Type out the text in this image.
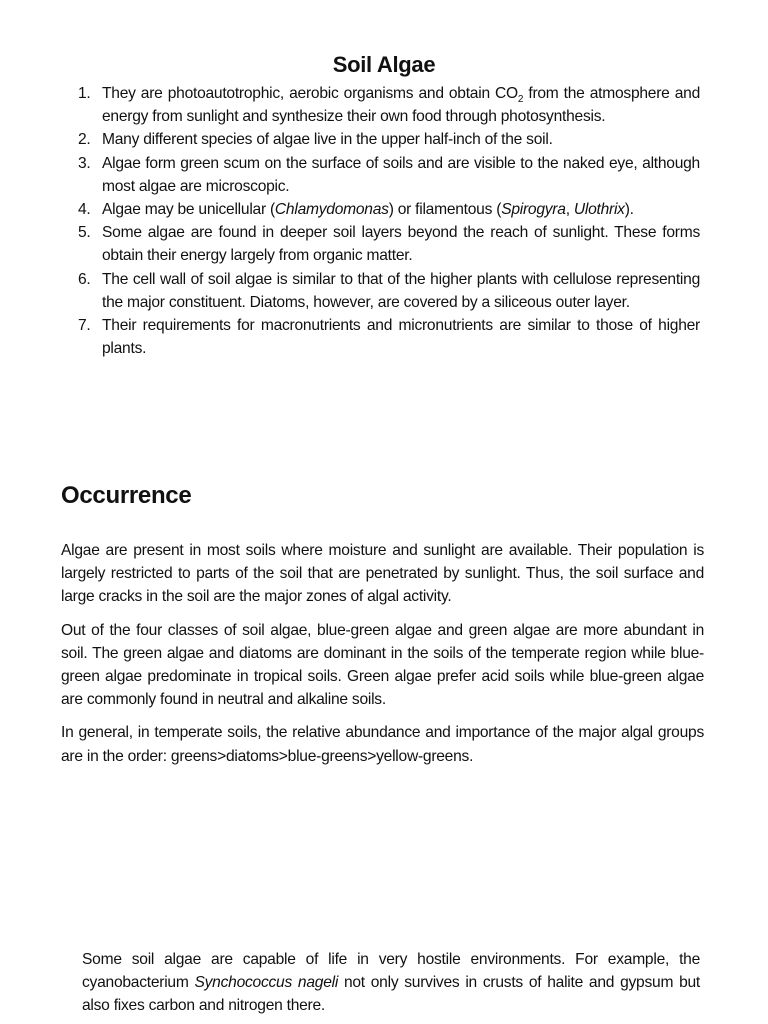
Soil Algae
1. They are photoautotrophic, aerobic organisms and obtain $CO_2$ from the atmosphere and energy from sunlight and synthesize their own food through photosynthesis.
2. Many different species of algae live in the upper half-inch of the soil.
3. Algae form green scum on the surface of soils and are visible to the naked eye, although most algae are microscopic.
4. Algae may be unicellular (Chlamydomonas) or filamentous (Spirogyra, Ulothrix).
5. Some algae are found in deeper soil layers beyond the reach of sunlight. These forms obtain their energy largely from organic matter.
6. The cell wall of soil algae is similar to that of the higher plants with cellulose representing the major constituent. Diatoms, however, are covered by a siliceous outer layer.
7. Their requirements for macronutrients and micronutrients are similar to those of higher plants.
Occurrence

Algae are present in most soils where moisture and sunlight are available. Their population is largely restricted to parts of the soil that are penetrated by sunlight. Thus, the soil surface and large cracks in the soil are the major zones of algal activity.

Out of the four classes of soil algae, blue-green algae and green algae are more abundant in soil. The green algae and diatoms are dominant in the soils of the temperate region while blue-green algae predominate in tropical soils. Green algae prefer acid soils while blue-green algae are commonly found in neutral and alkaline soils.

In general, in temperate soils, the relative abundance and importance of the major algal groups are in the order: greens>diatoms>blue-greens>yellow-greens.

Some soil algae are capable of life in very hostile environments. For example, the cyanobacterium Synchococcus nageli not only survives in crusts of halite and gypsum but also fixes carbon and nitrogen there.
